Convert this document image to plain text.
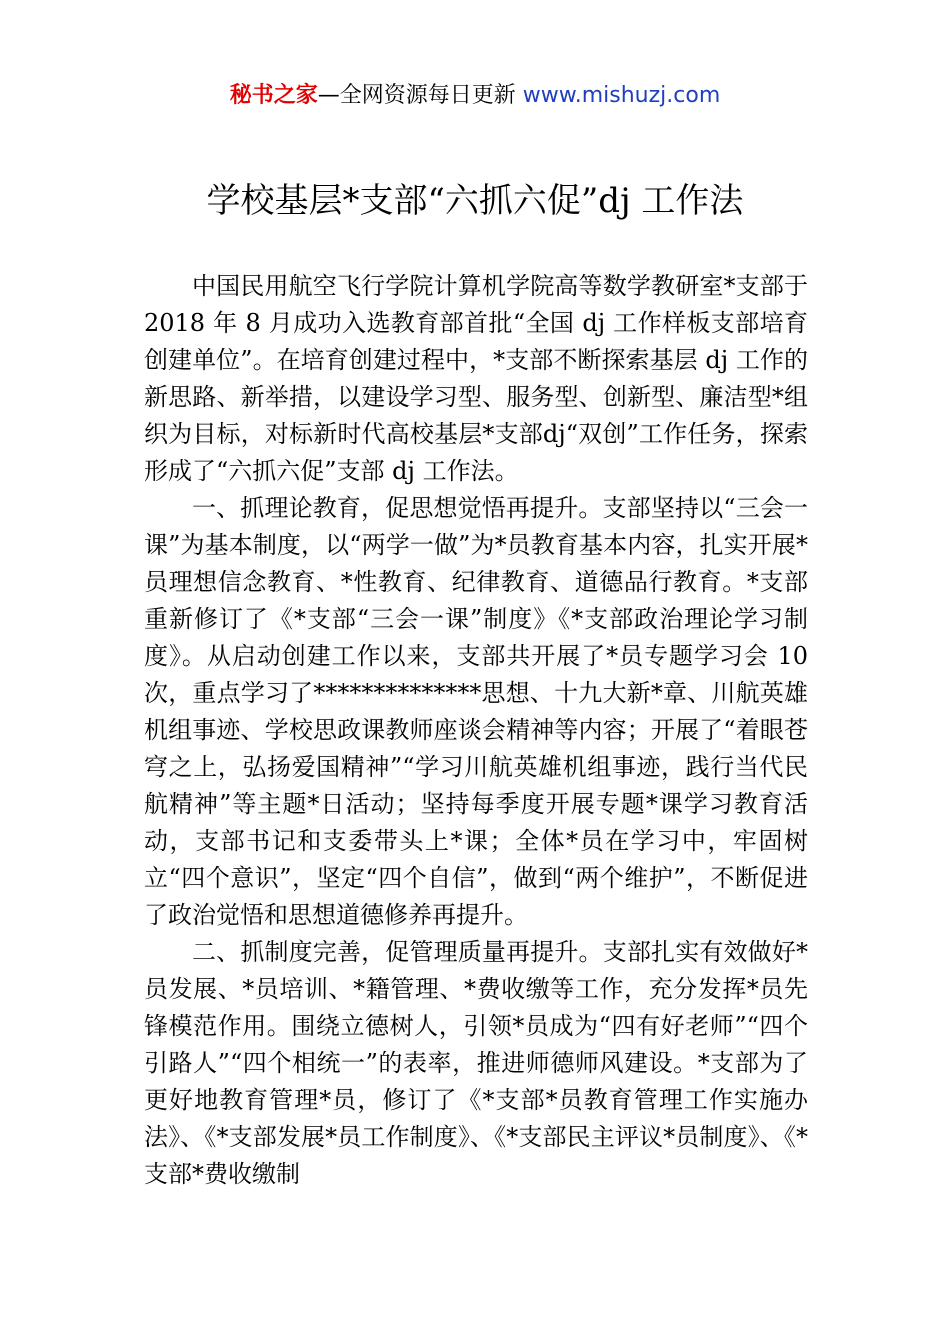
秘书之家—全网资源每日更新 www.mishuzj.com
学校基层*支部“六抓六促”dj 工作法

中国民用航空飞行学院计算机学院高等数学教研室*支部于 2018 年 8 月成功入选教育部首批“全国 dj 工作样板支部培育创建单位”。在培育创建过程中，*支部不断探索基层 dj 工作的新思路、新举措，以建设学习型、服务型、创新型、廉洁型*组织为目标，对标新时代高校基层*支部dj“双创”工作任务，探索形成了“六抓六促”支部 dj 工作法。

一、抓理论教育，促思想觉悟再提升。支部坚持以“三会一课”为基本制度，以“两学一做”为*员教育基本内容，扎实开展*员理想信念教育、*性教育、纪律教育、道德品行教育。*支部重新修订了《*支部“三会一课”制度》《*支部政治理论学习制度》。从启动创建工作以来，支部共开展了*员专题学习会 10 次，重点学习了**************思想、十九大新*章、川航英雄机组事迹、学校思政课教师座谈会精神等内容；开展了“着眼苍穹之上，弘扬爱国精神”“学习川航英雄机组事迹，践行当代民航精神”等主题*日活动；坚持每季度开展专题*课学习教育活动，支部书记和支委带头上*课；全体*员在学习中，牢固树立“四个意识”，坚定“四个自信”，做到“两个维护”，不断促进了政治觉悟和思想道德修养再提升。

二、抓制度完善，促管理质量再提升。支部扎实有效做好*员发展、*员培训、*籍管理、*费收缴等工作，充分发挥*员先锋模范作用。围绕立德树人，引领*员成为“四有好老师”“四个引路人”“四个相统一”的表率，推进师德师风建设。*支部为了更好地教育管理*员，修订了《*支部*员教育管理工作实施办法》、《*支部发展*员工作制度》、《*支部民主评议*员制度》、《*支部*费收缴制
